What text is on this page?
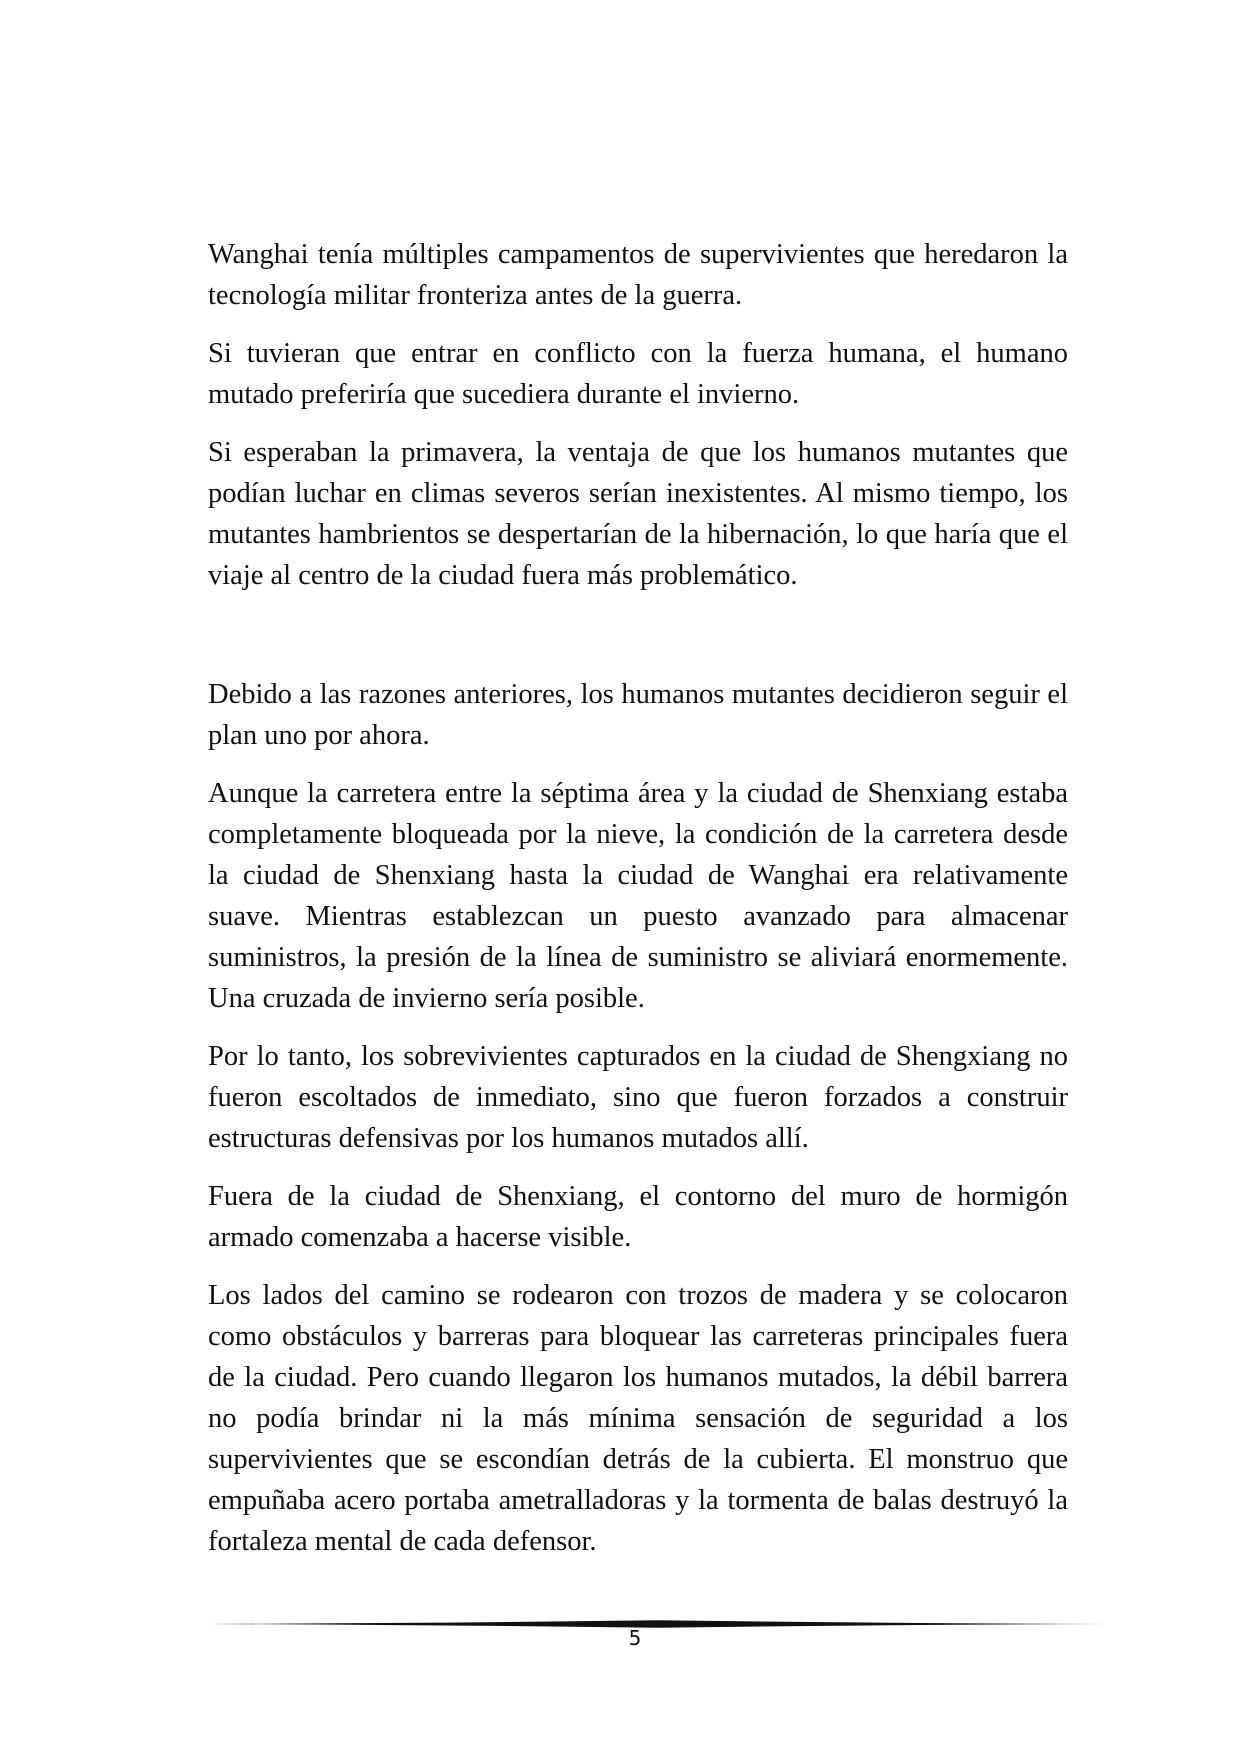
Wanghai tenía múltiples campamentos de supervivientes que heredaron la tecnología militar fronteriza antes de la guerra.

Si tuvieran que entrar en conflicto con la fuerza humana, el humano mutado preferiría que sucediera durante el invierno.

Si esperaban la primavera, la ventaja de que los humanos mutantes que podían luchar en climas severos serían inexistentes. Al mismo tiempo, los mutantes hambrientos se despertarían de la hibernación, lo que haría que el viaje al centro de la ciudad fuera más problemático.

Debido a las razones anteriores, los humanos mutantes decidieron seguir el plan uno por ahora.

Aunque la carretera entre la séptima área y la ciudad de Shenxiang estaba completamente bloqueada por la nieve, la condición de la carretera desde la ciudad de Shenxiang hasta la ciudad de Wanghai era relativamente suave. Mientras establezcan un puesto avanzado para almacenar suministros, la presión de la línea de suministro se aliviará enormemente. Una cruzada de invierno sería posible.

Por lo tanto, los sobrevivientes capturados en la ciudad de Shengxiang no fueron escoltados de inmediato, sino que fueron forzados a construir estructuras defensivas por los humanos mutados allí.

Fuera de la ciudad de Shenxiang, el contorno del muro de hormigón armado comenzaba a hacerse visible.

Los lados del camino se rodearon con trozos de madera y se colocaron como obstáculos y barreras para bloquear las carreteras principales fuera de la ciudad. Pero cuando llegaron los humanos mutados, la débil barrera no podía brindar ni la más mínima sensación de seguridad a los supervivientes que se escondían detrás de la cubierta. El monstruo que empuñaba acero portaba ametralladoras y la tormenta de balas destruyó la fortaleza mental de cada defensor.

5
